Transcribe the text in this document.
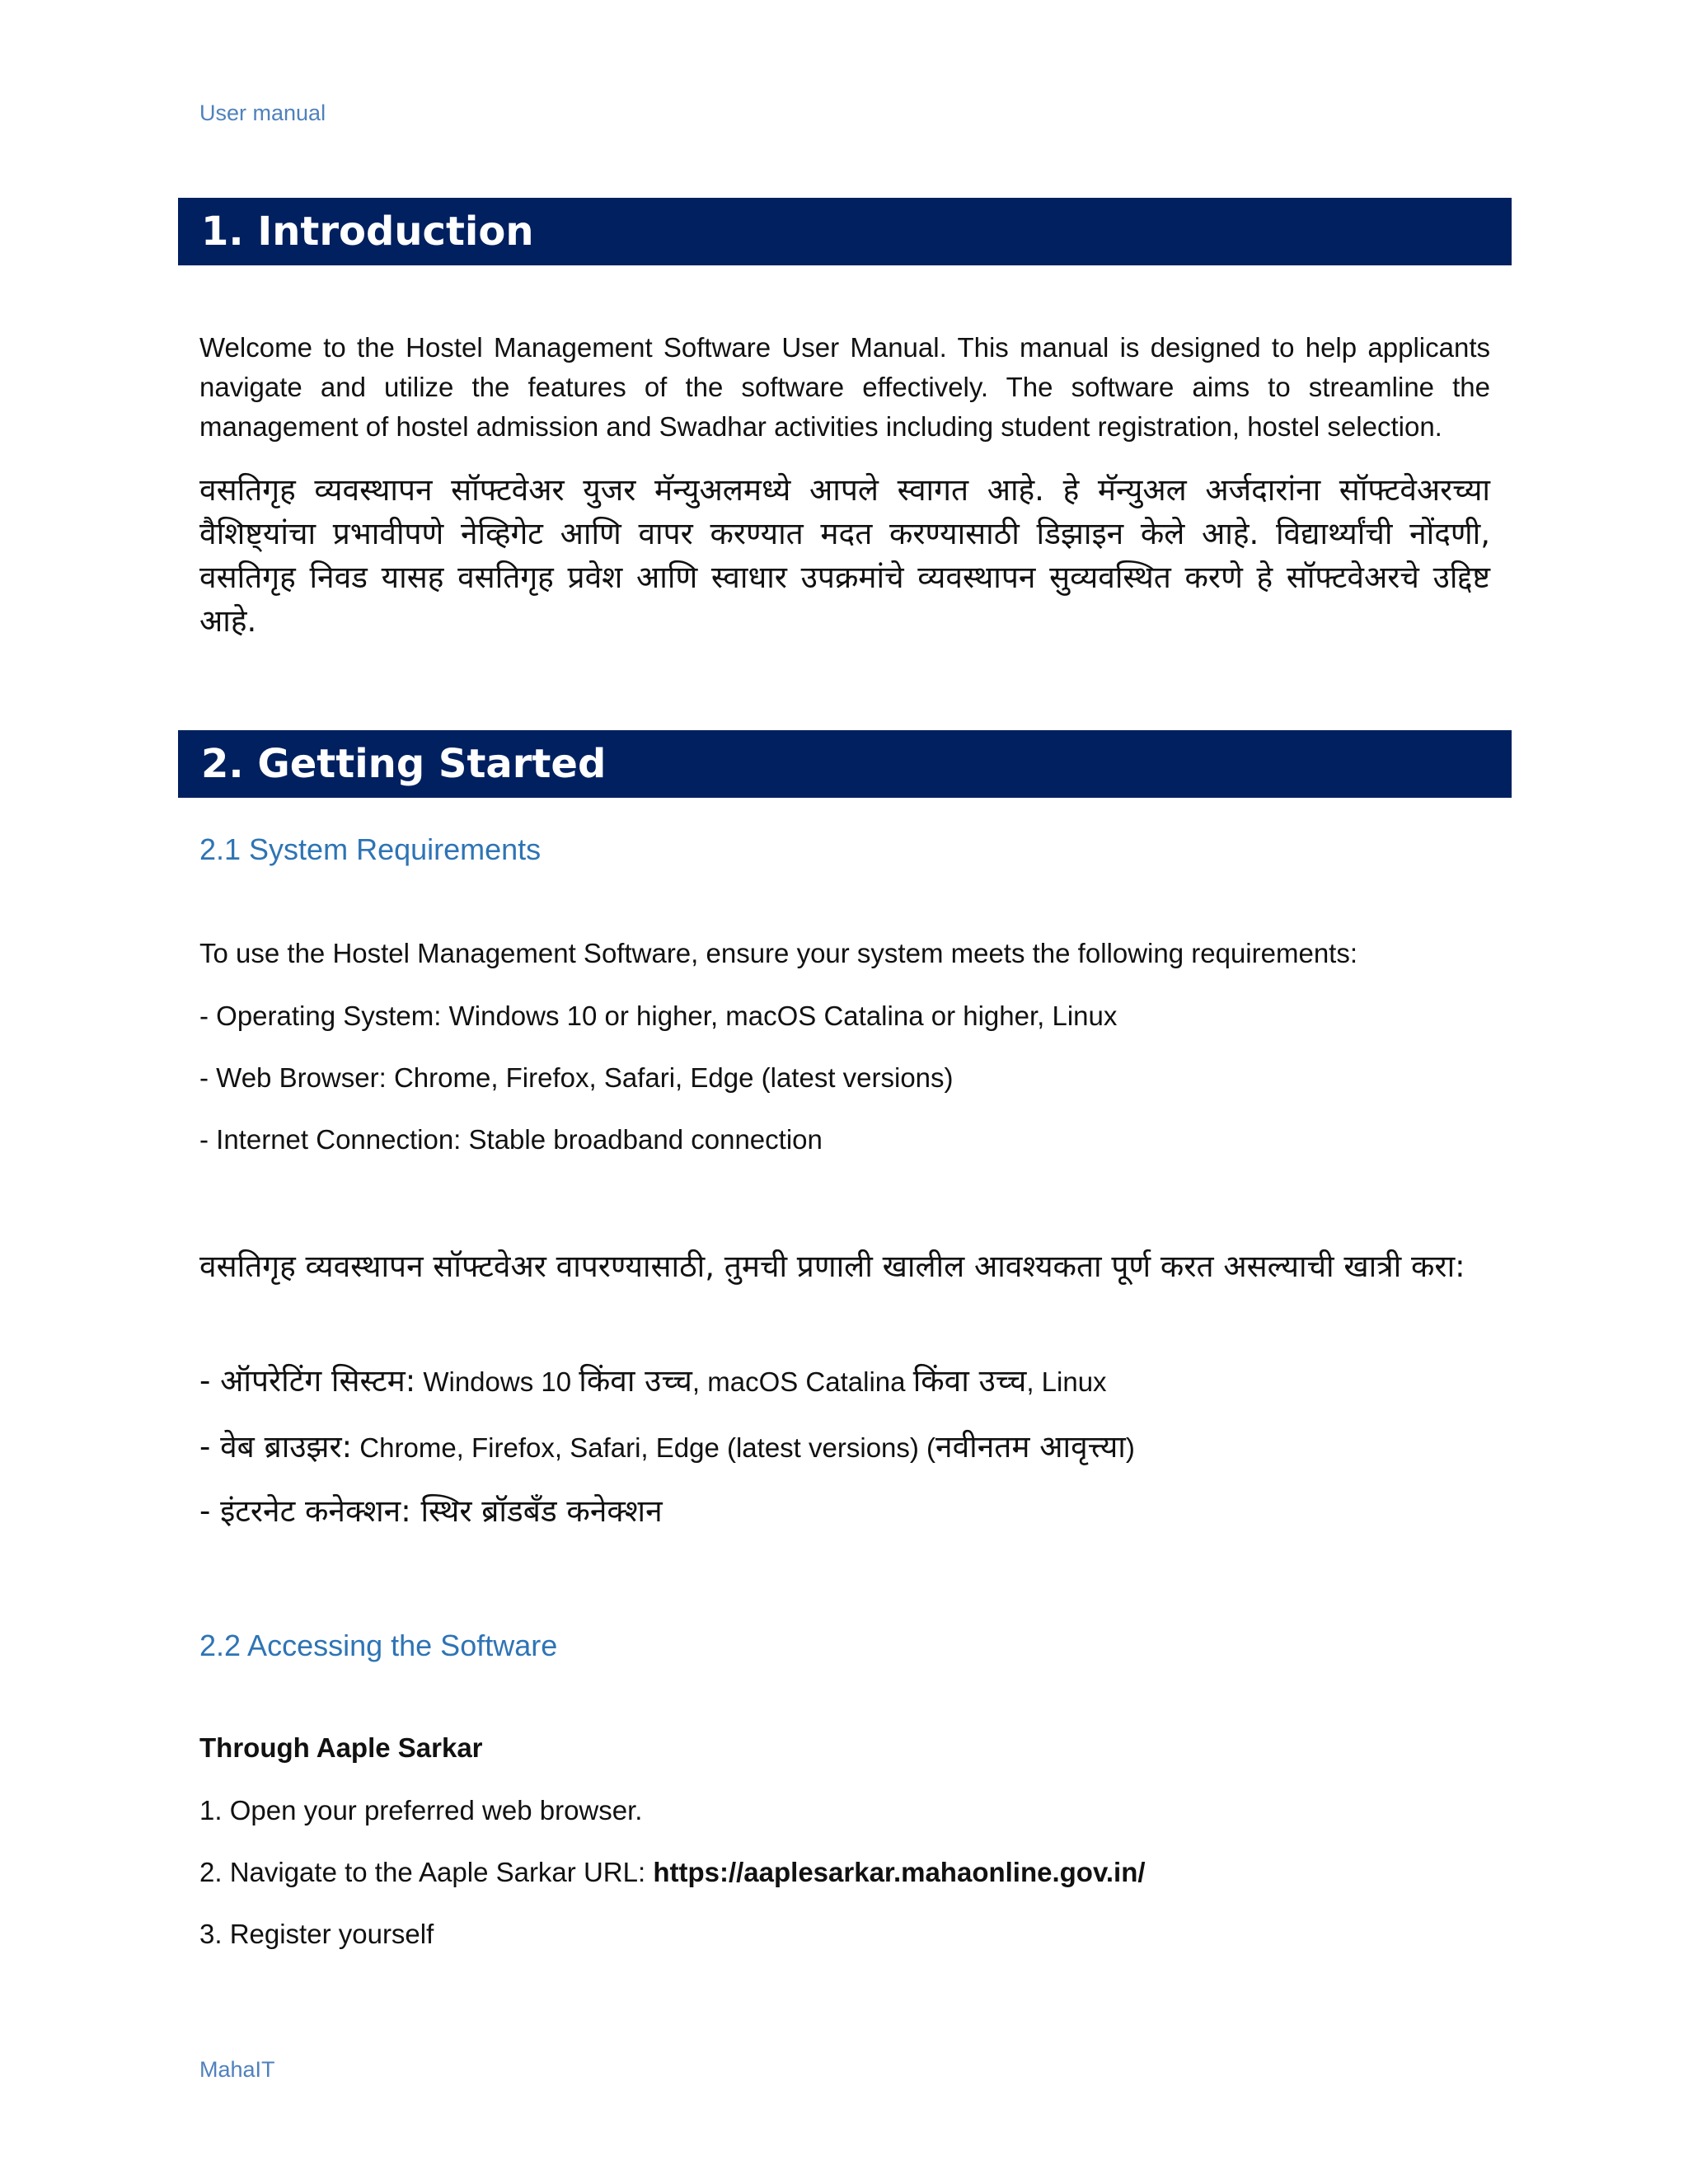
User manual
1. Introduction
Welcome to the Hostel Management Software User Manual. This manual is designed to help applicants navigate and utilize the features of the software effectively. The software aims to streamline the management of hostel admission and Swadhar activities including student registration, hostel selection.
वसतिगृह व्यवस्थापन सॉफ्टवेअर युजर मॅन्युअलमध्ये आपले स्वागत आहे. हे मॅन्युअल अर्जदारांना सॉफ्टवेअरच्या वैशिष्ट्यांचा प्रभावीपणे नेव्हिगेट आणि वापर करण्यात मदत करण्यासाठी डिझाइन केले आहे. विद्यार्थ्यांची नोंदणी, वसतिगृह निवड यासह वसतिगृह प्रवेश आणि स्वाधार उपक्रमांचे व्यवस्थापन सुव्यवस्थित करणे हे सॉफ्टवेअरचे उद्दिष्ट आहे.
2. Getting Started
2.1 System Requirements
To use the Hostel Management Software, ensure your system meets the following requirements:
- Operating System: Windows 10 or higher, macOS Catalina or higher, Linux
- Web Browser: Chrome, Firefox, Safari, Edge (latest versions)
- Internet Connection: Stable broadband connection
वसतिगृह व्यवस्थापन सॉफ्टवेअर वापरण्यासाठी, तुमची प्रणाली खालील आवश्यकता पूर्ण करत असल्याची खात्री करा:
- ऑपरेटिंग सिस्टम: Windows 10 किंवा उच्च, macOS Catalina किंवा उच्च, Linux
- वेब ब्राउझर: Chrome, Firefox, Safari, Edge (latest versions) (नवीनतम आवृत्त्या)
- इंटरनेट कनेक्शन: स्थिर ब्रॉडबँड कनेक्शन
2.2 Accessing the Software
Through Aaple Sarkar
1. Open your preferred web browser.
2. Navigate to the Aaple Sarkar URL: https://aaplesarkar.mahaonline.gov.in/
3. Register yourself
MahaIT
